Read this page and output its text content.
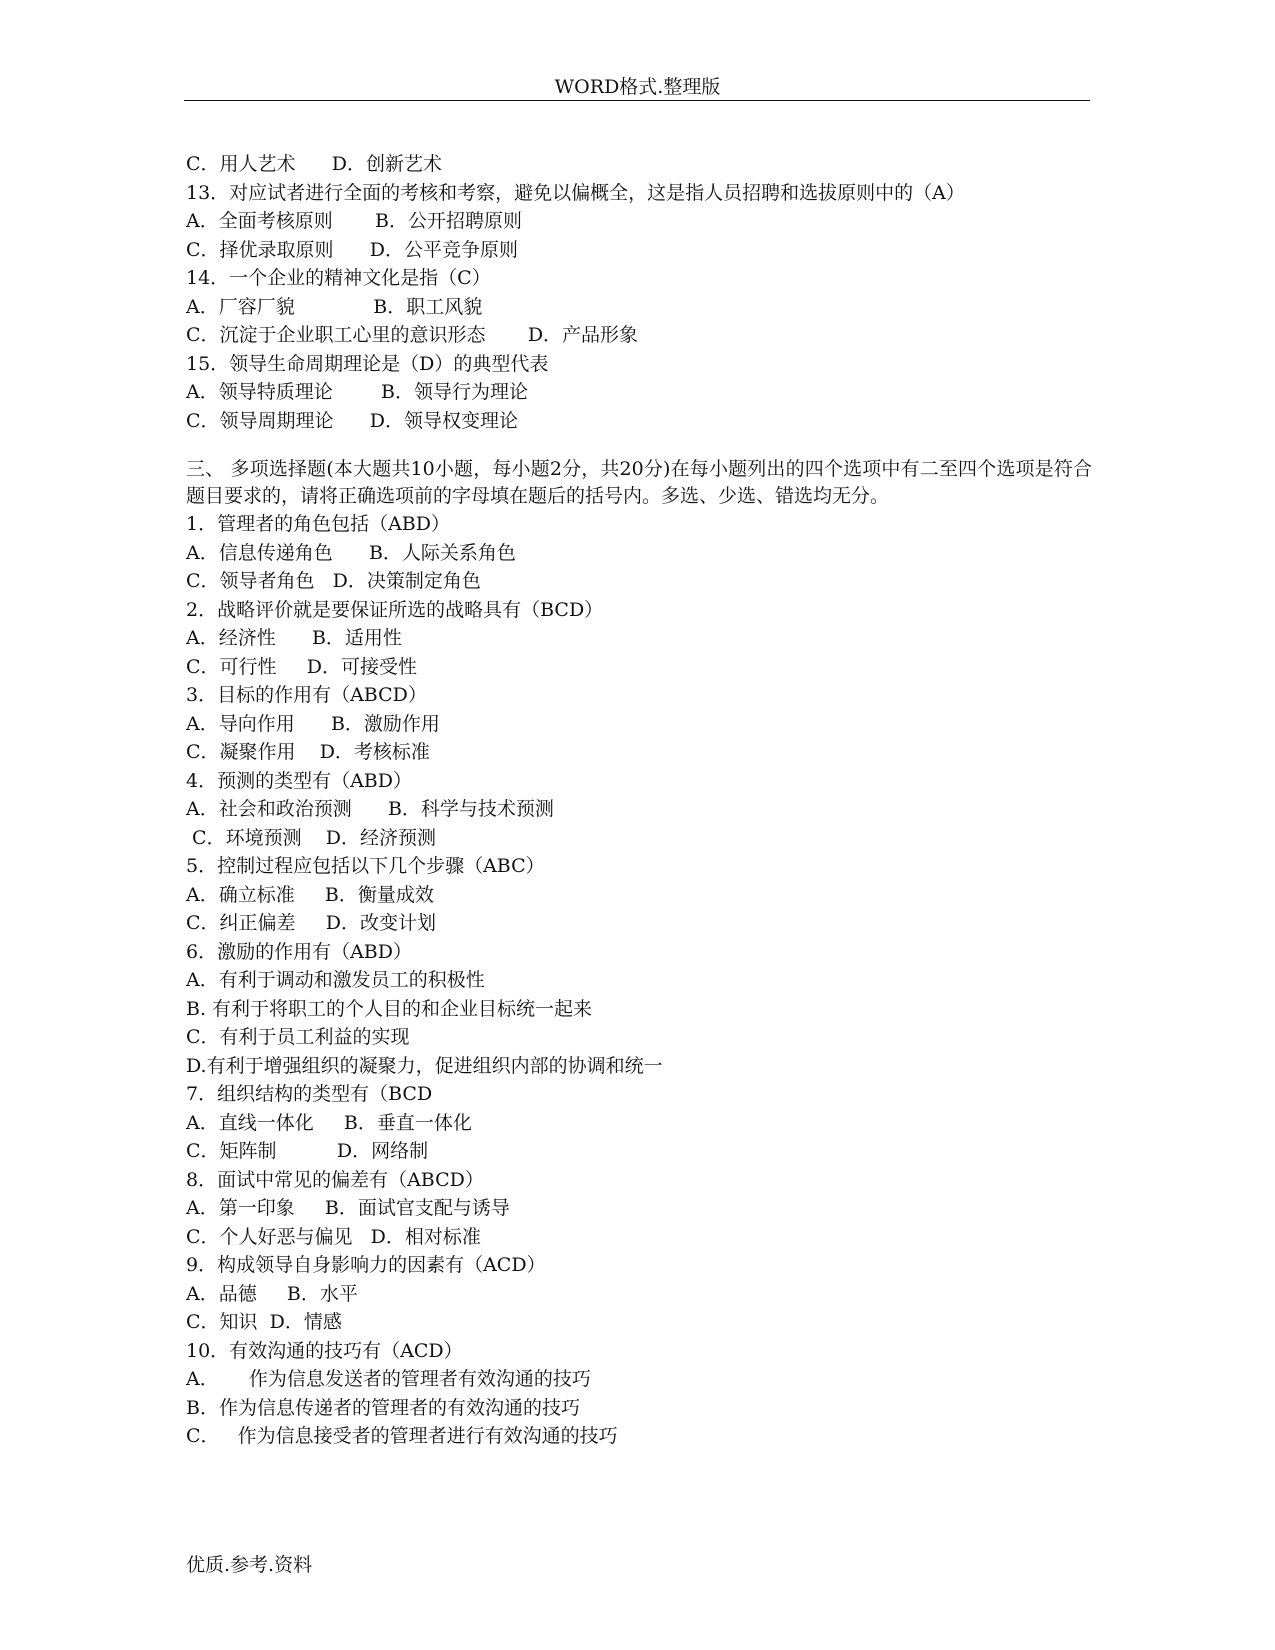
WORD格式.整理版
C．用人艺术      D．创新艺术
13．对应试者进行全面的考核和考察，避免以偏概全，这是指人员招聘和选拔原则中的（A）
A．全面考核原则       B．公开招聘原则
C．择优录取原则      D．公平竞争原则
14．一个企业的精神文化是指（C）
A．厂容厂貌             B．职工风貌
C．沉淀于企业职工心里的意识形态       D．产品形象
15．领导生命周期理论是（D）的典型代表
A．领导特质理论        B．领导行为理论
C．领导周期理论      D．领导权变理论
三、 多项选择题(本大题共10小题，每小题2分，共20分)在每小题列出的四个选项中有二至四个选项是符合题目要求的，请将正确选项前的字母填在题后的括号内。多选、少选、错选均无分。
1．管理者的角色包括（ABD）
A．信息传递角色      B．人际关系角色
C．领导者角色   D．决策制定角色
2．战略评价就是要保证所选的战略具有（BCD）
A．经济性      B．适用性
C．可行性     D．可接受性
3．目标的作用有（ABCD）
A．导向作用      B．激励作用
C．凝聚作用    D．考核标准
4．预测的类型有（ABD）
A．社会和政治预测      B．科学与技术预测
C．环境预测    D．经济预测
5．控制过程应包括以下几个步骤（ABC）
A．确立标准     B．衡量成效
C．纠正偏差     D．改变计划
6．激励的作用有（ABD）
A．有利于调动和激发员工的积极性
B. 有利于将职工的个人目的和企业目标统一起来
C．有利于员工利益的实现
D.有利于增强组织的凝聚力，促进组织内部的协调和统一
7．组织结构的类型有（BCD
A．直线一体化     B．垂直一体化
C．矩阵制          D．网络制
8．面试中常见的偏差有（ABCD）
A．第一印象     B．面试官支配与诱导
C．个人好恶与偏见   D．相对标准
9．构成领导自身影响力的因素有（ACD）
A．品德     B．水平
C．知识  D．情感
10．有效沟通的技巧有（ACD）
A．     作为信息发送者的管理者有效沟通的技巧
B．作为信息传递者的管理者的有效沟通的技巧
C．   作为信息接受者的管理者进行有效沟通的技巧
优质.参考.资料
